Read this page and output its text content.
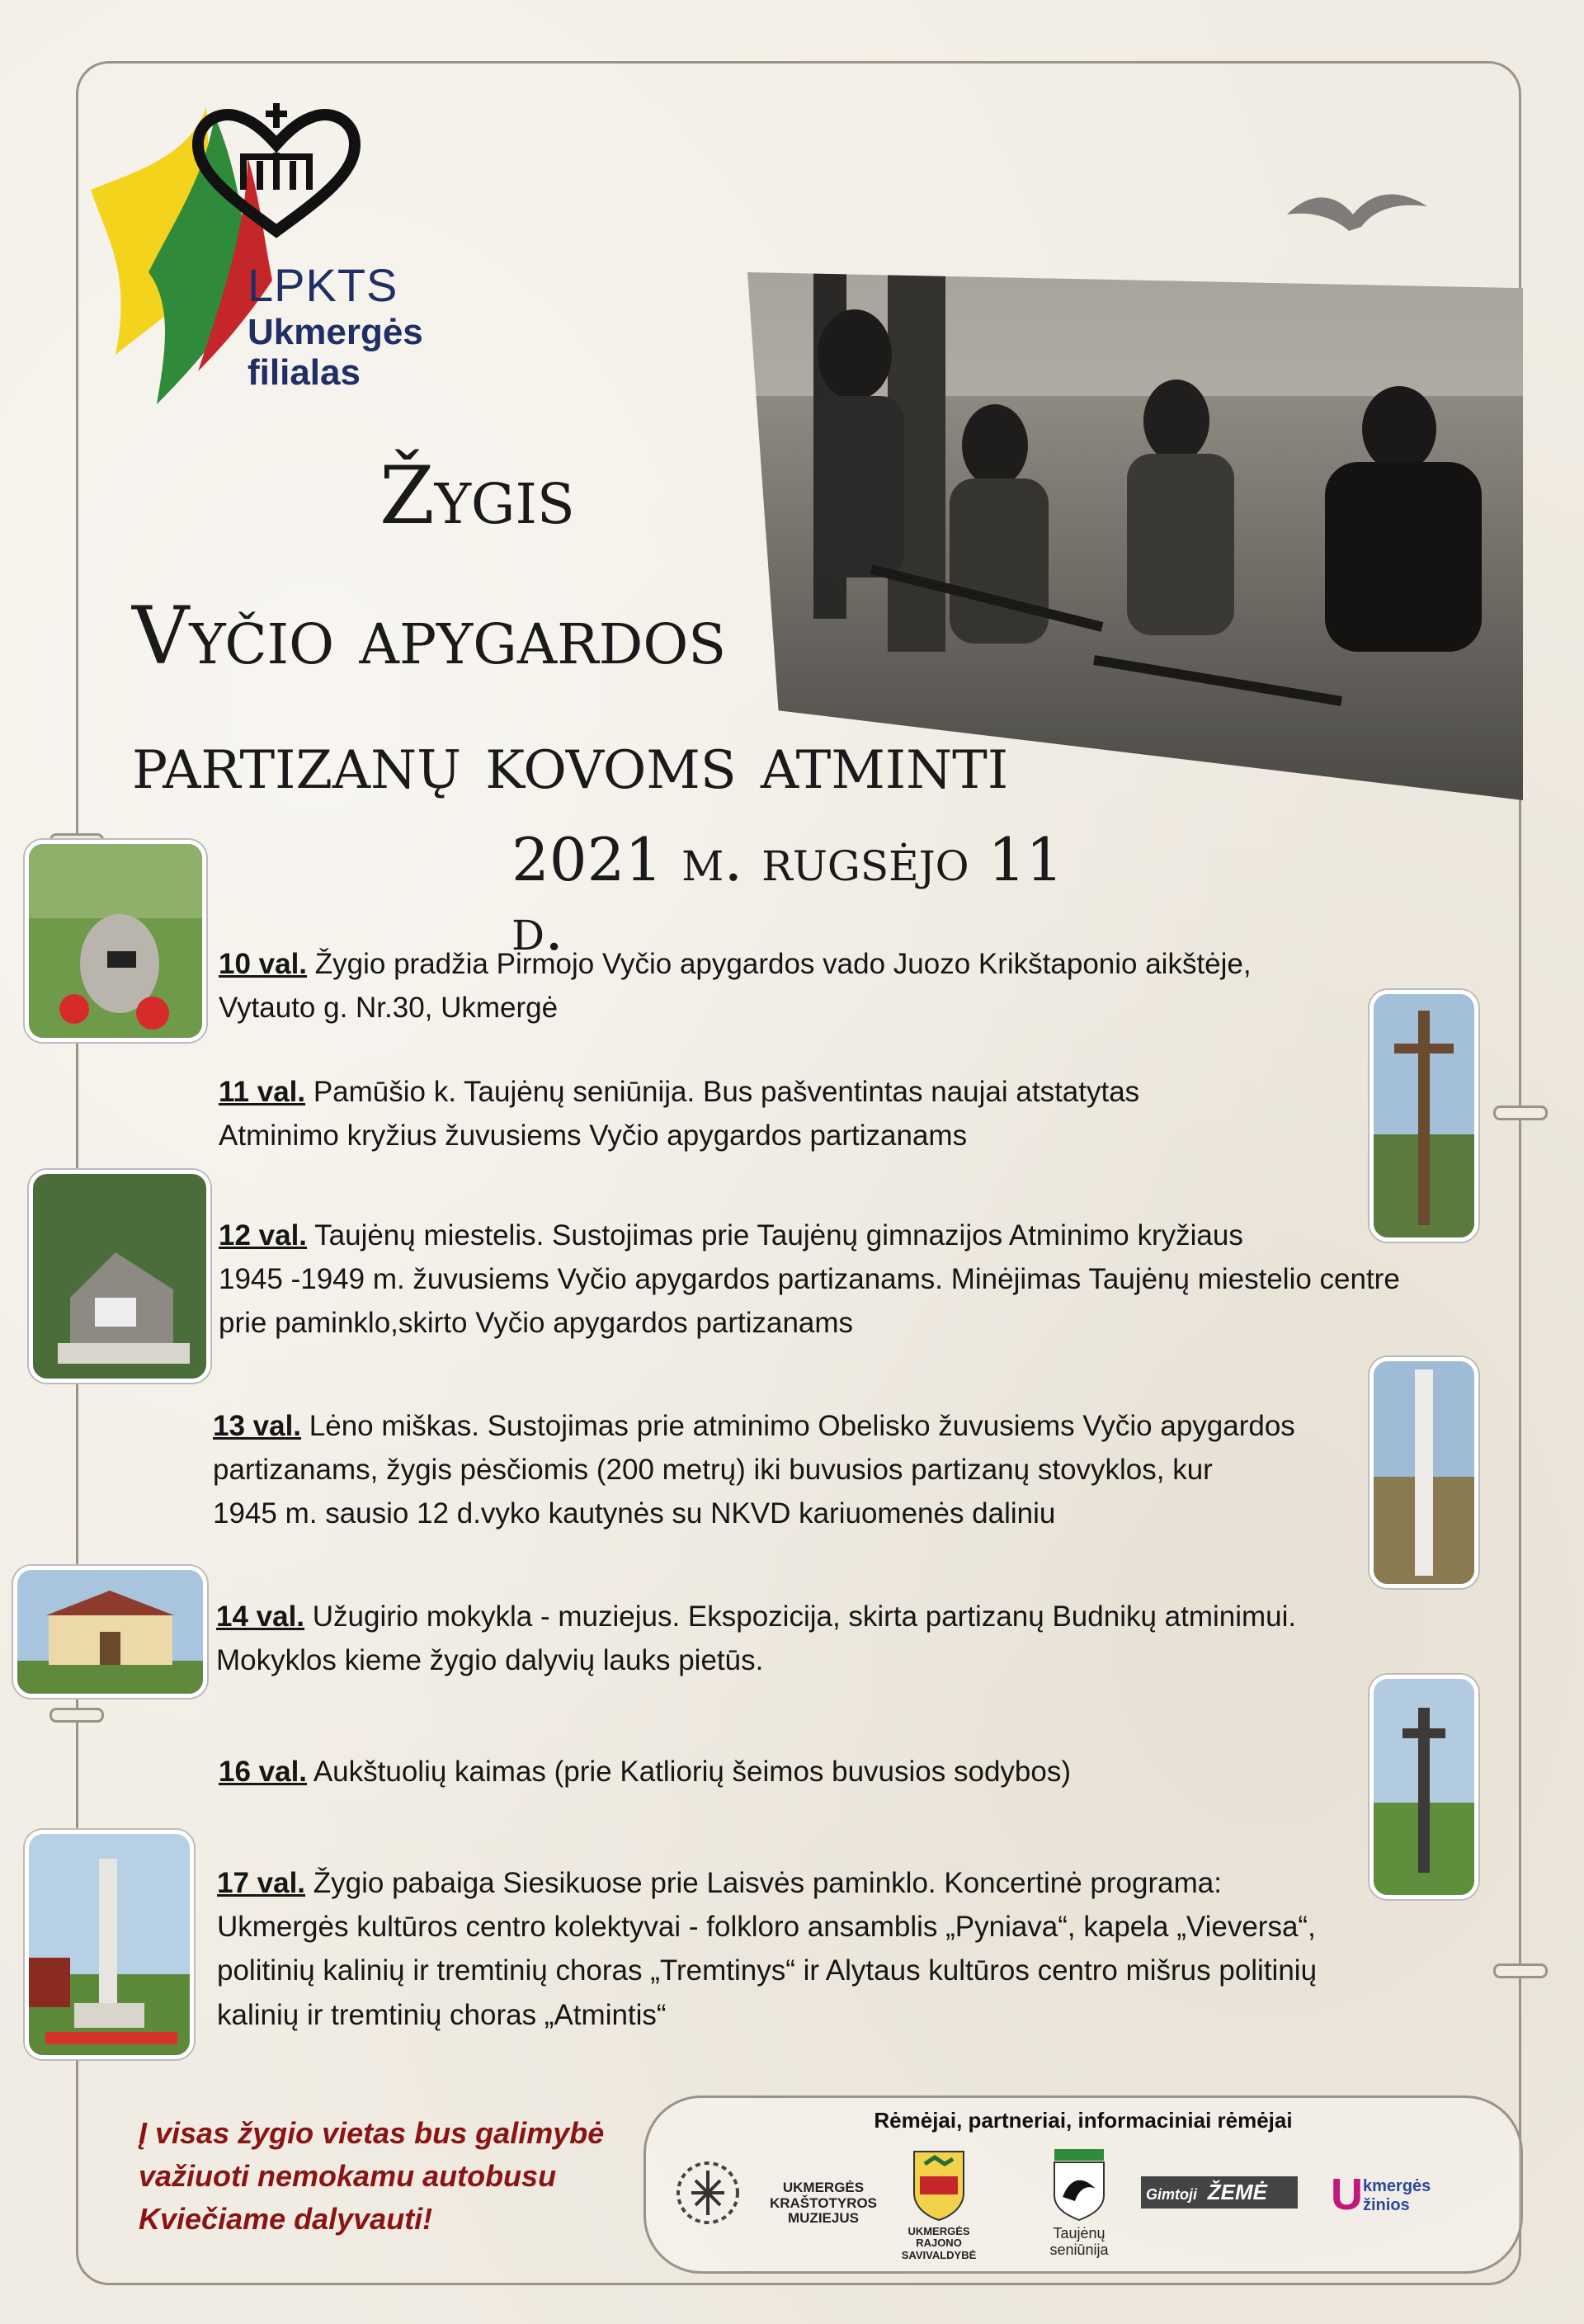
LPKTS
Ukmergės
filialas
Žygis
Vyčio apygardos
partizanų kovoms atminti
2021 m. rugsėjo 11 d.
10 val. Žygio pradžia Pirmojo Vyčio apygardos vado Juozo Krikštaponio aikštėje,
Vytauto g. Nr.30, Ukmergė
11 val. Pamūšio k. Taujėnų seniūnija. Bus pašventintas naujai atstatytas
Atminimo kryžius žuvusiems Vyčio apygardos partizanams
12 val. Taujėnų miestelis. Sustojimas prie Taujėnų gimnazijos Atminimo kryžiaus
1945 -1949 m. žuvusiems Vyčio apygardos partizanams. Minėjimas Taujėnų miestelio centre
prie paminklo,skirto Vyčio apygardos partizanams
13 val. Lėno miškas. Sustojimas prie atminimo Obelisko žuvusiems Vyčio apygardos
partizanams, žygis pėsčiomis (200 metrų) iki buvusios partizanų stovyklos, kur
1945 m. sausio 12 d.vyko kautynės su NKVD kariuomenės daliniu
14 val. Užugirio mokykla - muziejus. Ekspozicija, skirta partizanų Budnikų atminimui.
Mokyklos kieme žygio dalyvių lauks pietūs.
16 val. Aukštuolių kaimas (prie Katliorių šeimos buvusios sodybos)
17 val. Žygio pabaiga Siesikuose prie Laisvės paminklo. Koncertinė programa:
Ukmergės kultūros centro kolektyvai - folkloro ansamblis „Pyniava“, kapela „Vieversa“,
politinių kalinių ir tremtinių choras „Tremtinys“ ir Alytaus kultūros centro mišrus politinių
kalinių ir tremtinių choras „Atmintis“
Į visas žygio vietas bus galimybė
važiuoti nemokamu autobusu
Kviečiame dalyvauti!
Rėmėjai, partneriai, informaciniai rėmėjai
UKMERGĖS KRAŠTOTYROS MUZIEJUS
UKMERGĖS RAJONO SAVIVALDYBĖ
Taujėnų seniūnija
Gimtoji ŽEMĖ	U kmergės
žinios
